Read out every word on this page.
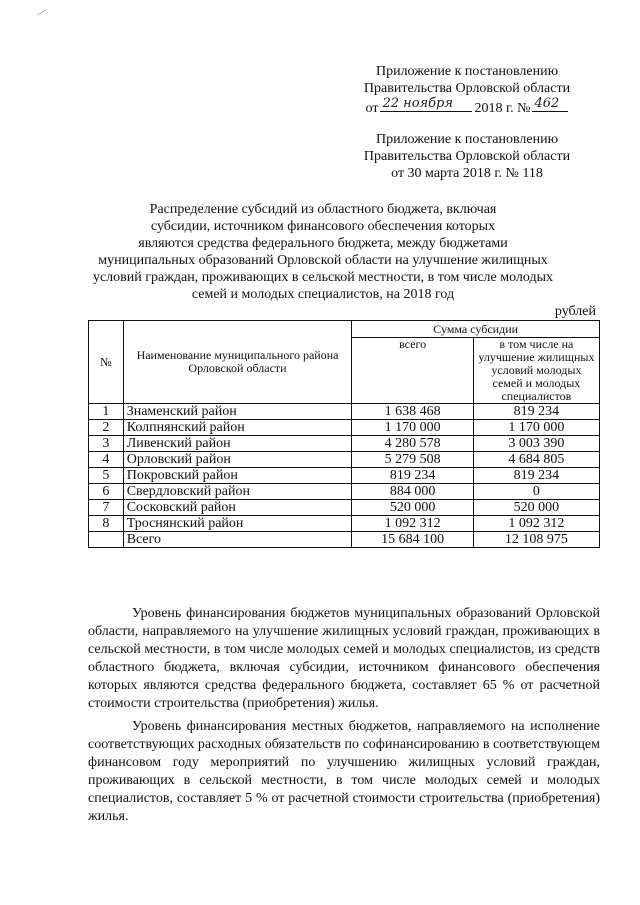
—
Приложение к постановлению
Правительства Орловской области
от 22 ноября 2018 г. № 462
Приложение к постановлению
Правительства Орловской области
от 30 марта 2018 г. № 118
Распределение субсидий из областного бюджета, включая
субсидии, источником финансового обеспечения которых
являются средства федерального бюджета, между бюджетами
муниципальных образований Орловской области на улучшение жилищных
условий граждан, проживающих в сельской местности, в том числе молодых
семей и молодых специалистов, на 2018 год
рублей
№	Наименование муниципального района Орловской области	Сумма субсидии	
		всего	в том числе на улучшение жилищных условий молодых семей и молодых специалистов
1	Знаменский район	1 638 468	819 234
2	Колпнянский район	1 170 000	1 170 000
3	Ливенский район	4 280 578	3 003 390
4	Орловский район	5 279 508	4 684 805
5	Покровский район	819 234	819 234
6	Свердловский район	884 000	0
7	Сосковский район	520 000	520 000
8	Троснянский район	1 092 312	1 092 312
	Всего	15 684 100	12 108 975

Уровень финансирования бюджетов муниципальных образований Орловской области, направляемого на улучшение жилищных условий граждан, проживающих в сельской местности, в том числе молодых семей и молодых специалистов, из средств областного бюджета, включая субсидии, источником финансового обеспечения которых являются средства федерального бюджета, составляет 65 % от расчетной стоимости строительства (приобретения) жилья.

Уровень финансирования местных бюджетов, направляемого на исполнение соответствующих расходных обязательств по софинансированию в соответствующем финансовом году мероприятий по улучшению жилищных условий граждан, проживающих в сельской местности, в том числе молодых семей и молодых специалистов, составляет 5 % от расчетной стоимости строительства (приобретения) жилья.
